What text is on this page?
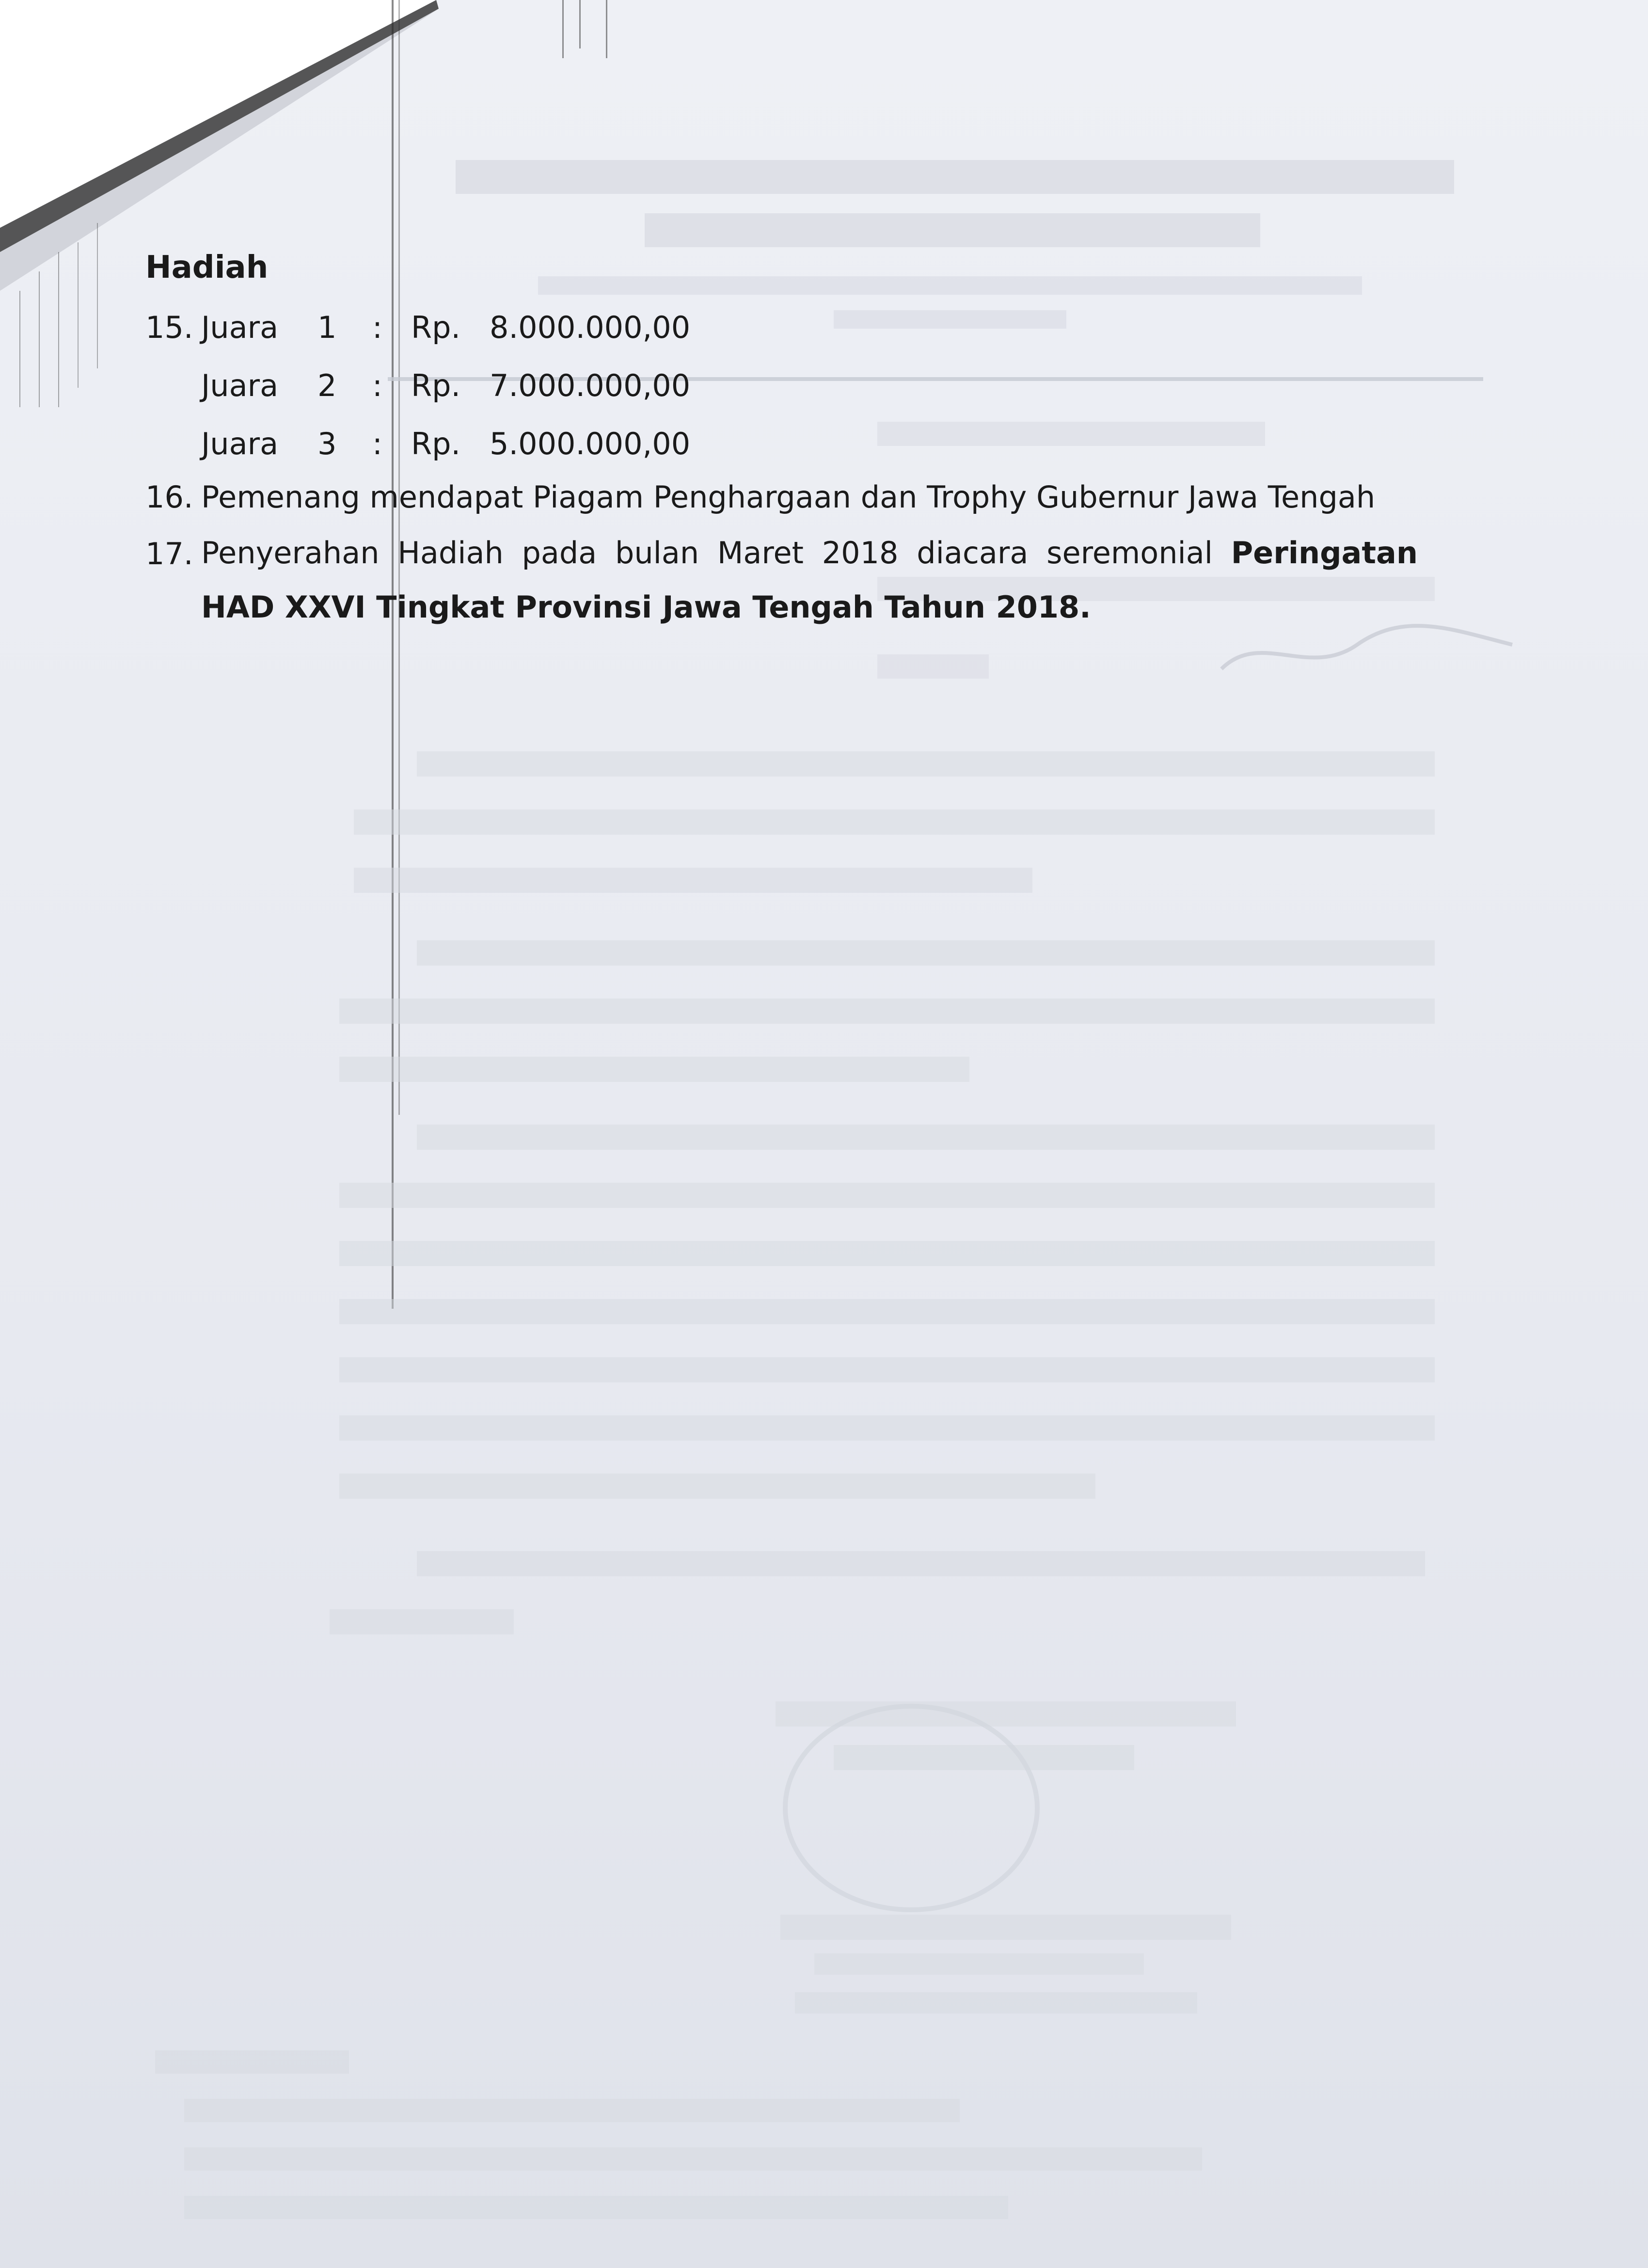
Hadiah
15. Juara 1 : Rp. 8.000.000,00
Juara 2 : Rp. 7.000.000,00
Juara 3 : Rp. 5.000.000,00
16. Pemenang mendapat Piagam Penghargaan dan Trophy Gubernur Jawa Tengah
17. Penyerahan Hadiah pada bulan Maret 2018 diacara seremonial Peringatan HAD XXVI Tingkat Provinsi Jawa Tengah Tahun 2018.
